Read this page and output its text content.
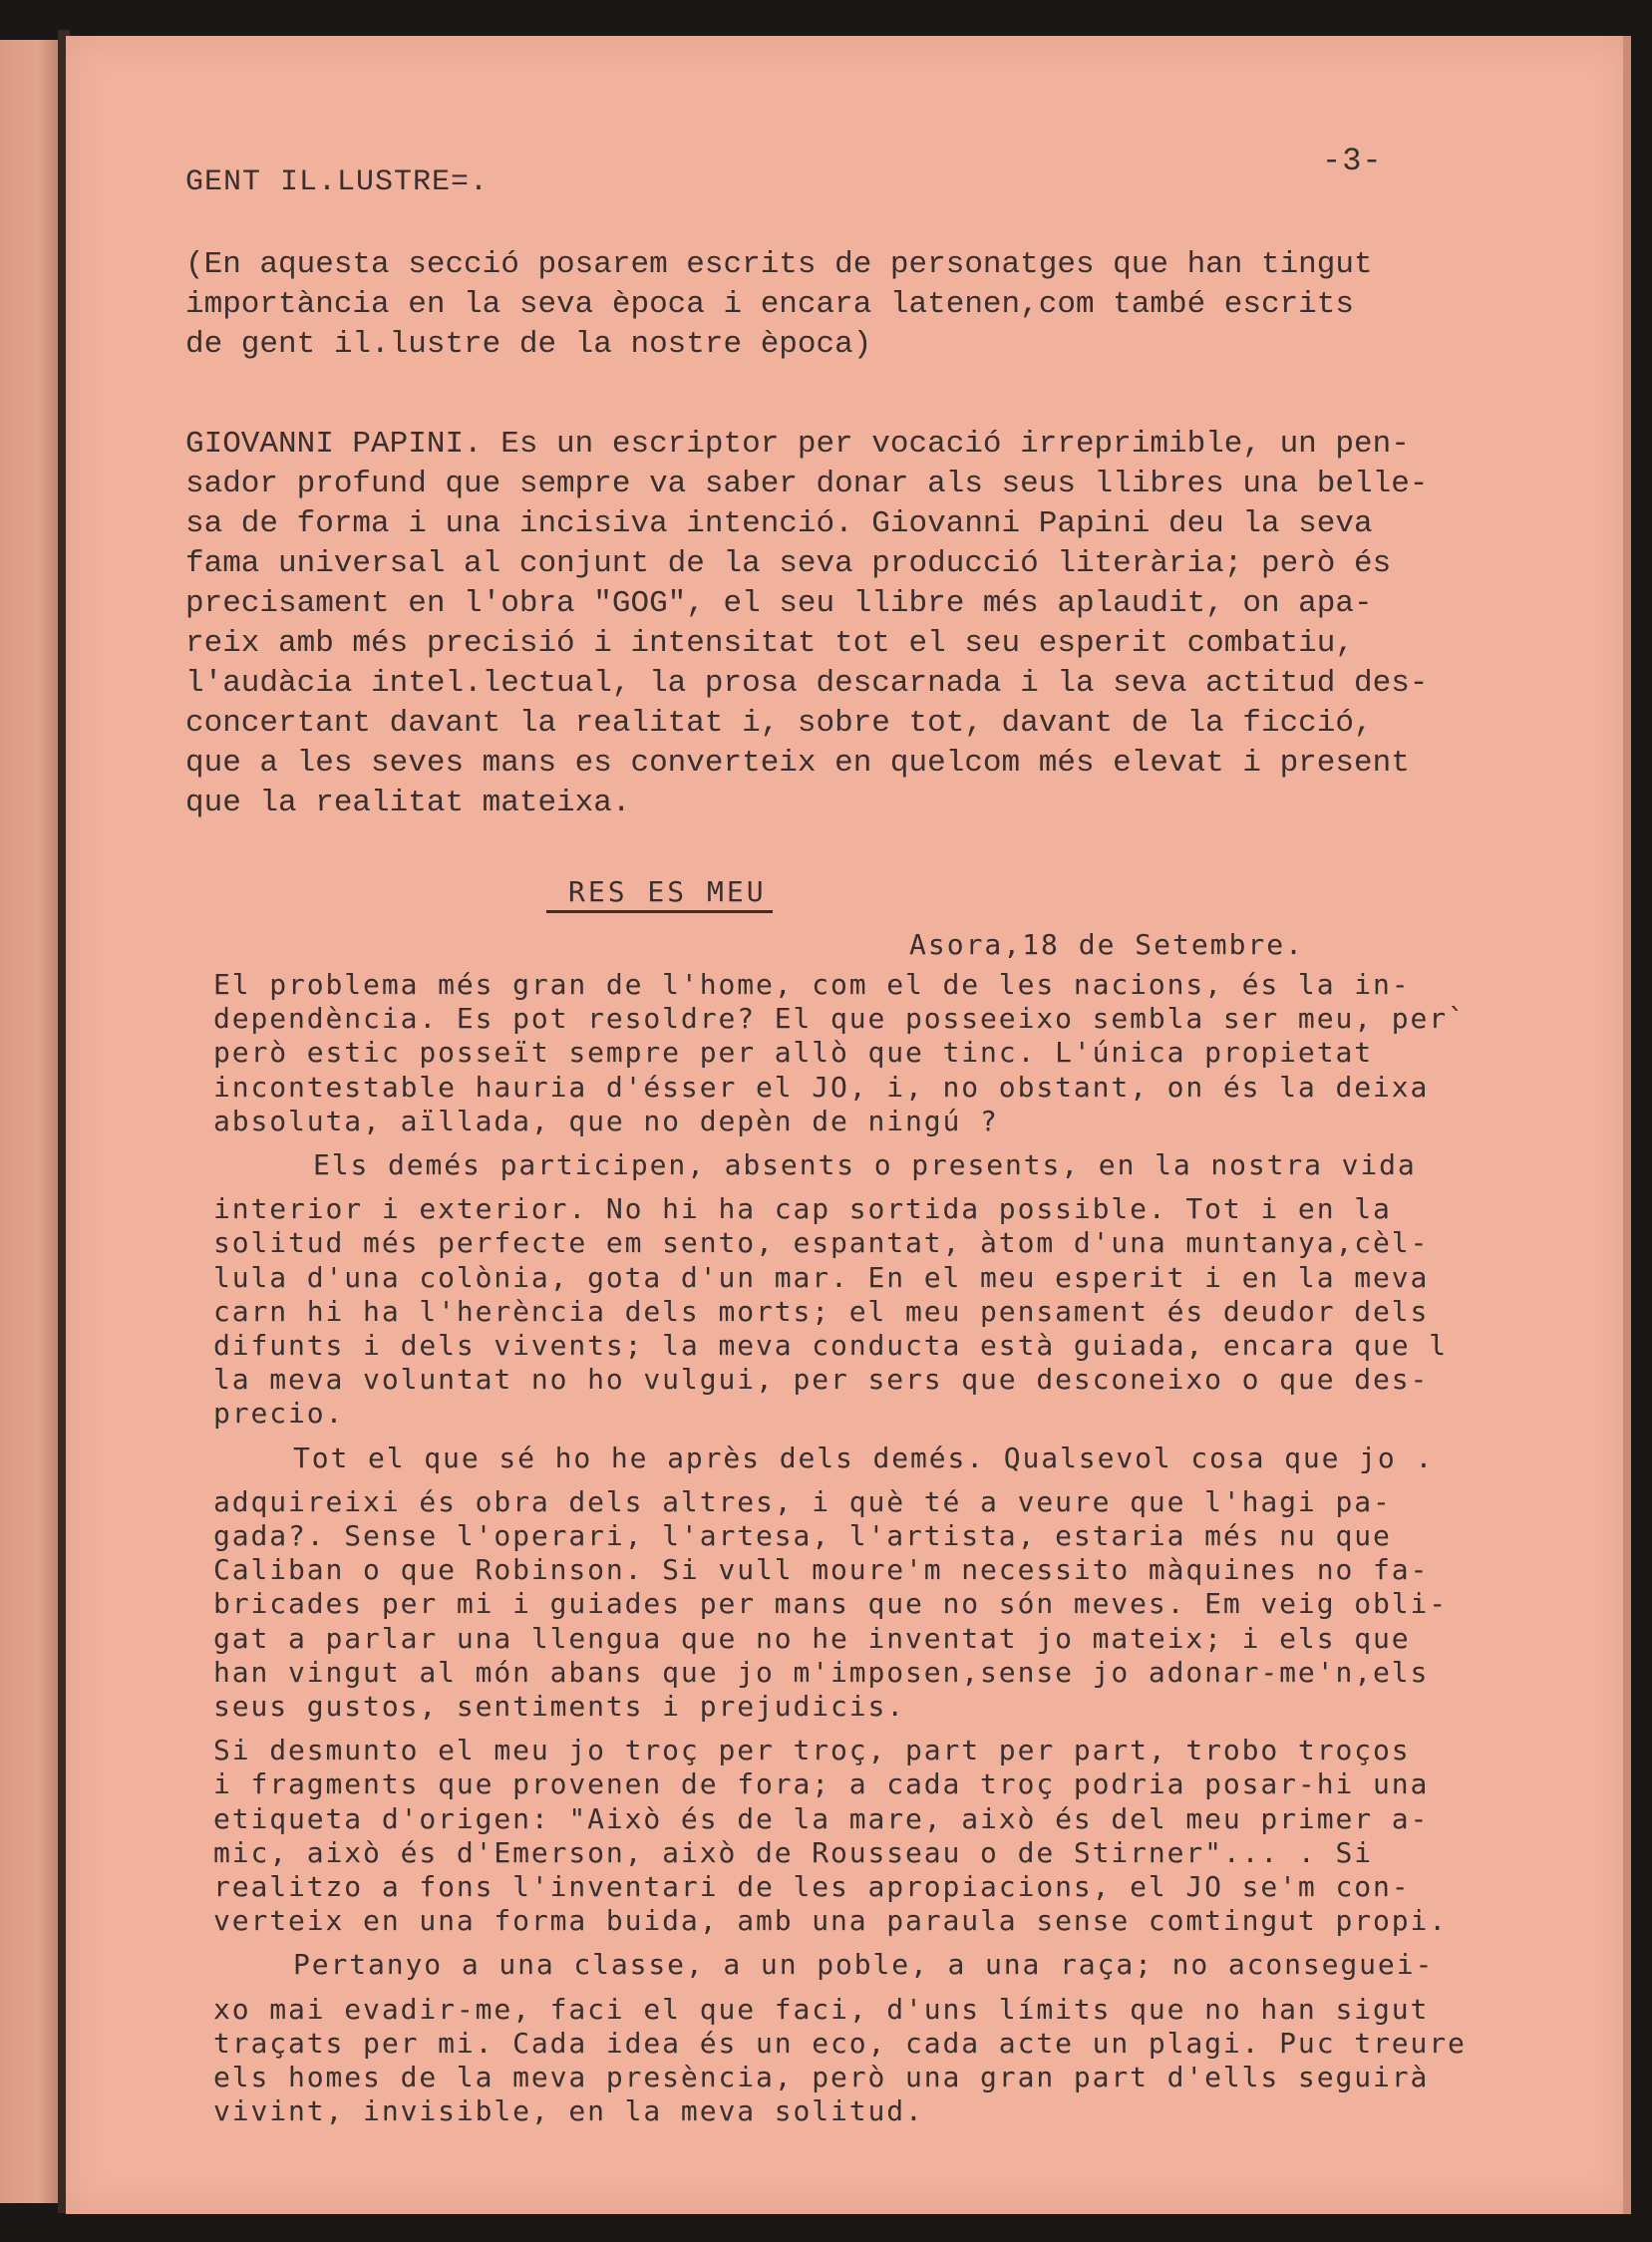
-3-
GENT IL.LUSTRE=.
(En aquesta secció posarem escrits de personatges que han tingut
importància en la seva època i encara latenen,com també escrits
de gent il.lustre de la nostre època)
GIOVANNI PAPINI. Es un escriptor per vocació irreprimible, un pen-
sador profund que sempre va saber donar als seus llibres una belle-
sa de forma i una incisiva intenció. Giovanni Papini deu la seva
fama universal al conjunt de la seva producció literària; però és
precisament en l'obra "GOG", el seu llibre més aplaudit, on apa-
reix amb més precisió i intensitat tot el seu esperit combatiu,
l'audàcia intel.lectual, la prosa descarnada i la seva actitud des-
concertant davant la realitat i, sobre tot, davant de la ficció,
que a les seves mans es converteix en quelcom més elevat i present
que la realitat mateixa.
RES ES MEU
Asora,18 de Setembre.
El problema més gran de l'home, com el de les nacions, és la in-
dependència. Es pot resoldre? El que posseeixo sembla ser meu, per`
però estic posseït sempre per allò que tinc. L'única propietat
incontestable hauria d'ésser el JO, i, no obstant, on és la deixa
absoluta, aïllada, que no depèn de ningú ?
Els demés participen, absents o presents, en la nostra vida
interior i exterior. No hi ha cap sortida possible. Tot i en la
solitud més perfecte em sento, espantat, àtom d'una muntanya,cèl-
lula d'una colònia, gota d'un mar. En el meu esperit i en la meva
carn hi ha l'herència dels morts; el meu pensament és deudor dels
difunts i dels vivents; la meva conducta està guiada, encara que l
la meva voluntat no ho vulgui, per sers que desconeixo o que des-
precio.
Tot el que sé ho he après dels demés. Qualsevol cosa que jo .
adquireixi és obra dels altres, i què té a veure que l'hagi pa-
gada?. Sense l'operari, l'artesa, l'artista, estaria més nu que
Caliban o que Robinson. Si vull moure'm necessito màquines no fa-
bricades per mi i guiades per mans que no són meves. Em veig obli-
gat a parlar una llengua que no he inventat jo mateix; i els que
han vingut al món abans que jo m'imposen,sense jo adonar-me'n,els
seus gustos, sentiments i prejudicis.
Si desmunto el meu jo troç per troç, part per part, trobo troços
i fragments que provenen de fora; a cada troç podria posar-hi una
etiqueta d'origen: "Això és de la mare, això és del meu primer a-
mic, això és d'Emerson, això de Rousseau o de Stirner"... . Si
realitzo a fons l'inventari de les apropiacions, el JO se'm con-
verteix en una forma buida, amb una paraula sense comtingut propi.
Pertanyo a una classe, a un poble, a una raça; no aconseguei-
xo mai evadir-me, faci el que faci, d'uns límits que no han sigut
traçats per mi. Cada idea és un eco, cada acte un plagi. Puc treure
els homes de la meva presència, però una gran part d'ells seguirà
vivint, invisible, en la meva solitud.
